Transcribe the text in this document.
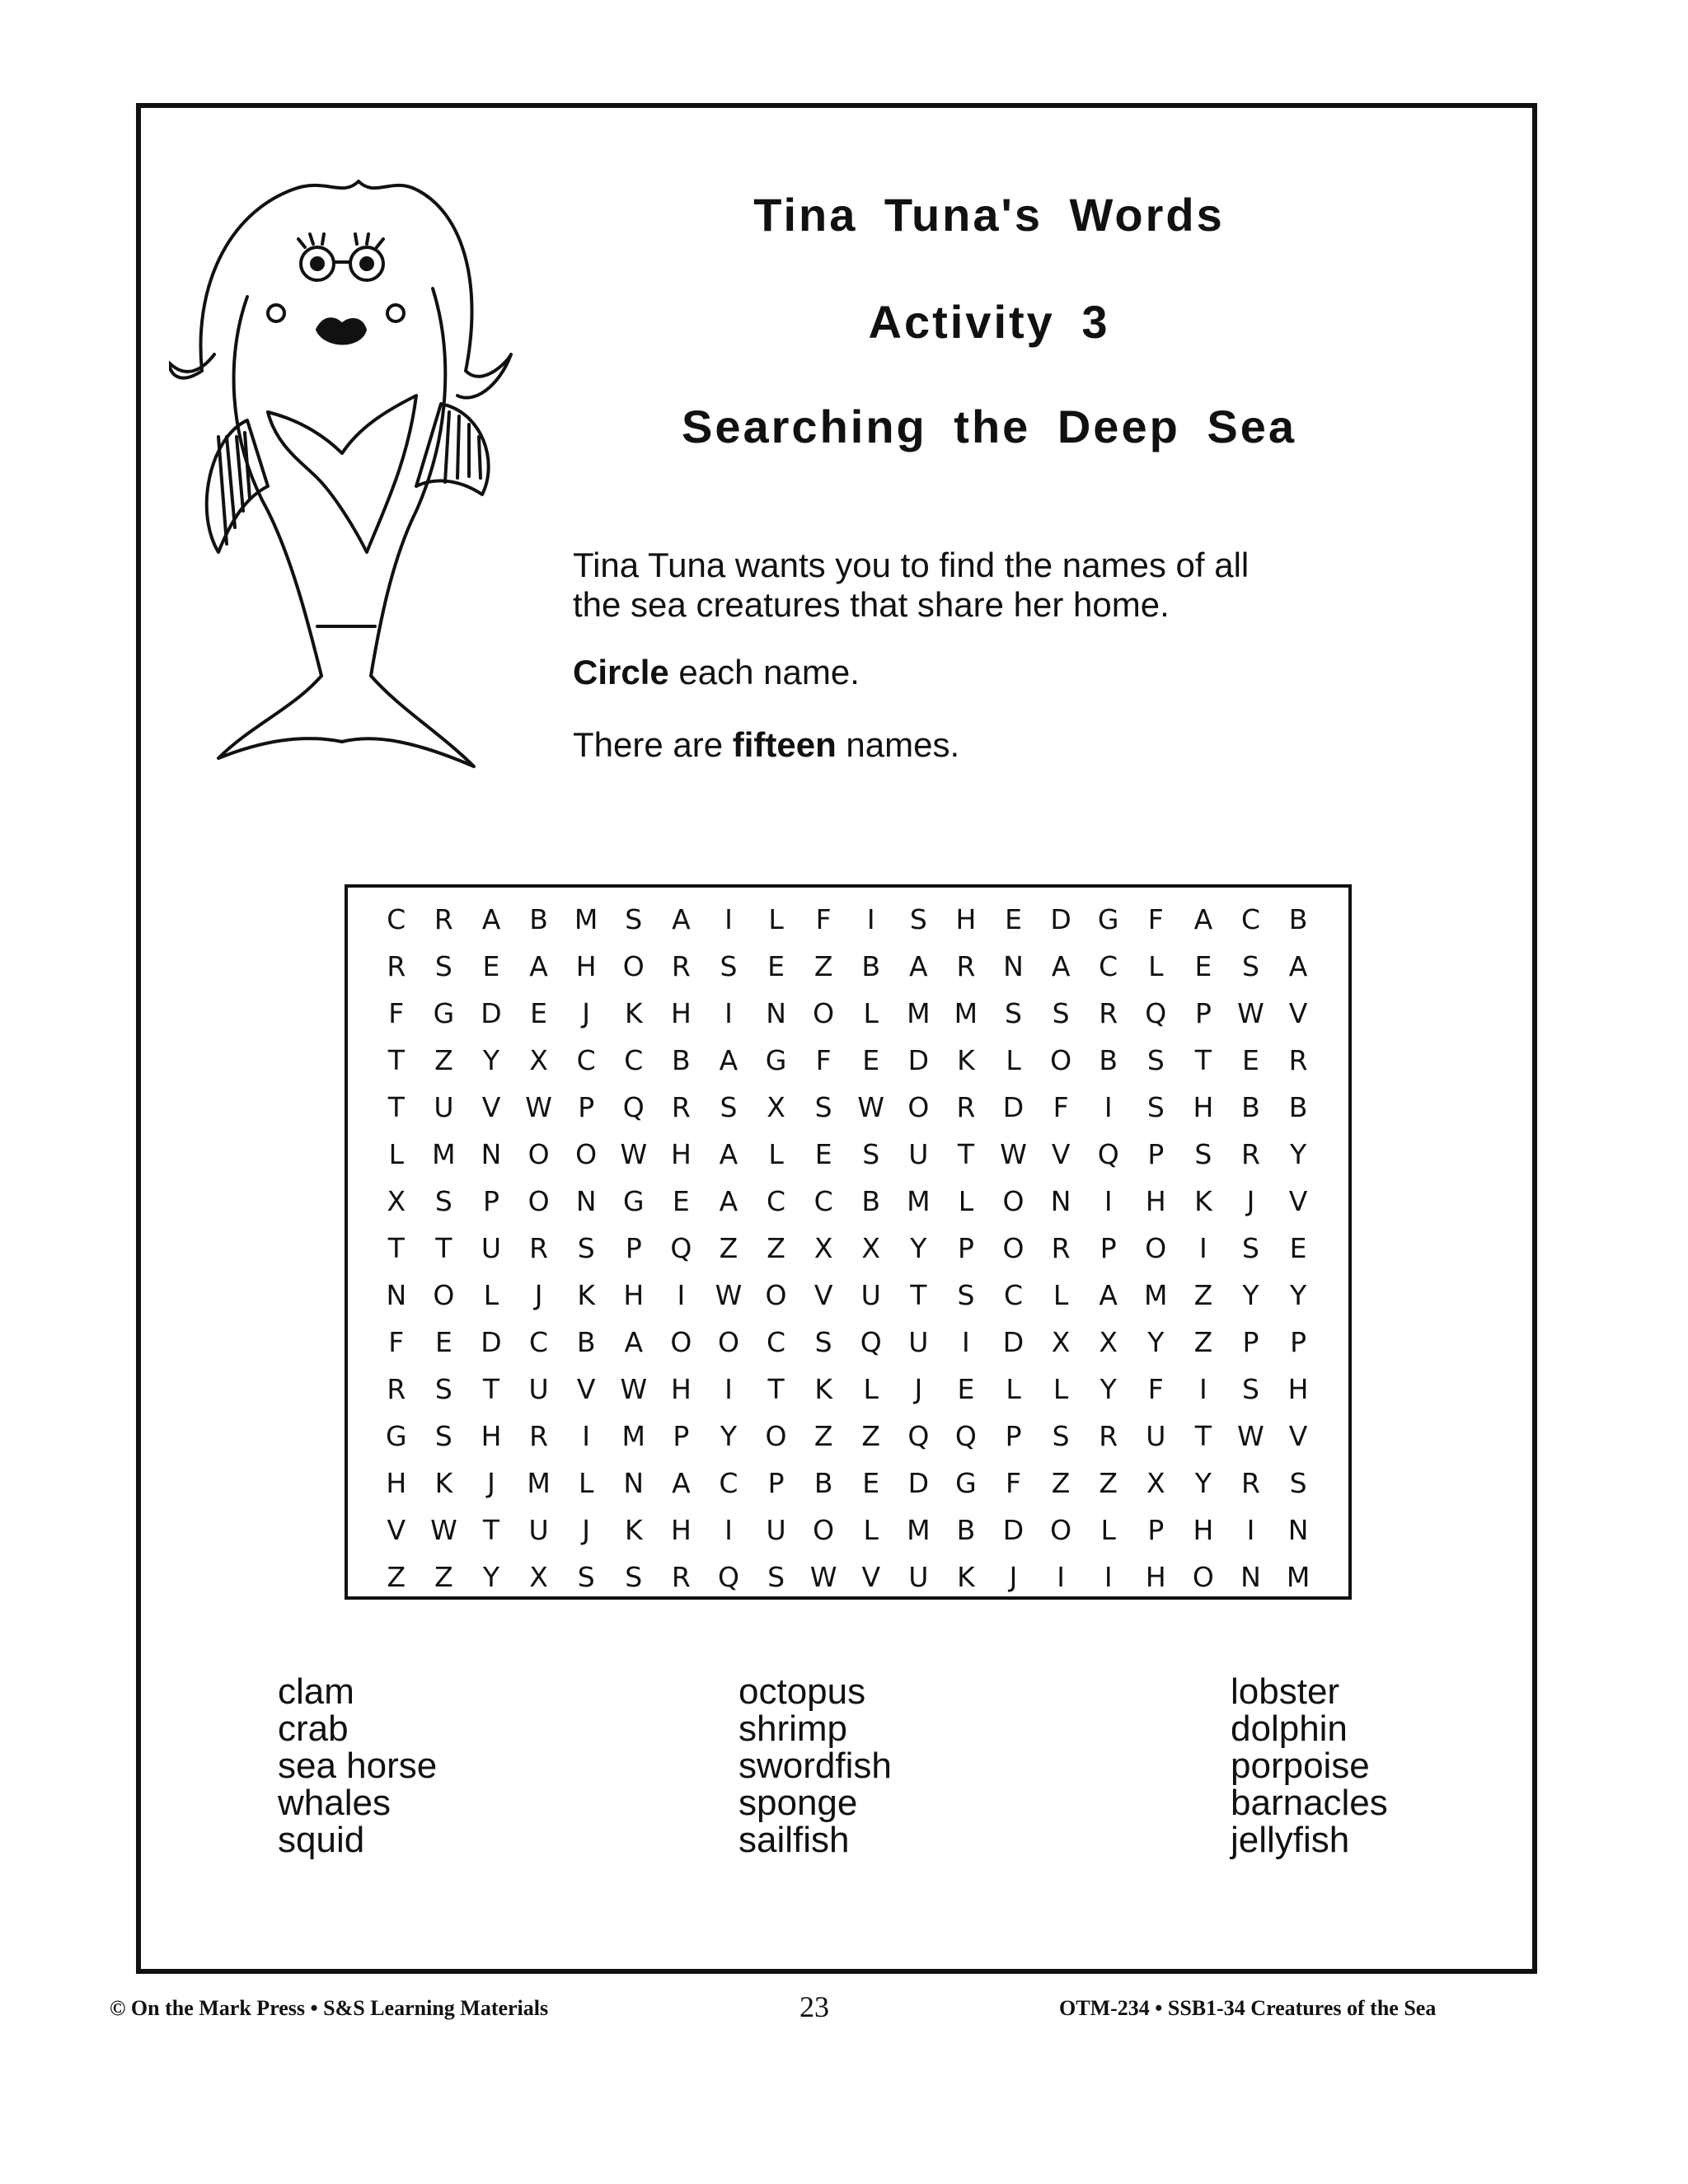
Tina Tuna's Words
Activity 3
Searching the Deep Sea
Tina Tuna wants you to find the names of all
the sea creatures that share her home.
Circle each name.
There are fifteen names.
C	R	A	B M S	A	I	L	F	I	S	H	E	D G	F	A	C	B
R	S	E	A	H O	R	S	E	Z	B	A	R	N	A	C	L	E	S	A
F	G D	E	J	K	H	I	N O	L	M M S	S	R	Q	P W V
T	Z	Y	X	C	C	B	A	G	F	E	D	K	L	O	B	S	T	E	R
T	U	V W P	Q	R	S	X	S W O	R	D	F	I	S	H	B	B
L	M N O O W H	A	L	E	S	U	T W V	Q	P	S	R	Y
X	S	P	O N G	E	A	C	C	B M	L	O N	I	H	K	J	V
T	T	U	R	S	P	Q	Z	Z	X	X	Y	P	O	R	P	O	I	S	E
N O	L	J	K	H	I	W O	V	U	T	S	C	L	A M Z	Y	Y
F	E	D	C	B	A	O O	C	S	Q U	I	D	X	X	Y	Z	P	P
R	S	T	U	V W H	I	T	K	L	J	E	L	L	Y	F	I	S	H
G	S	H	R	I	M	P	Y	O	Z	Z	Q Q	P	S	R	U	T W V
H	K	J	M	L	N	A	C	P	B	E	D G	F	Z	Z	X	Y	R	S
V W T	U	J	K	H	I	U O	L	M B	D O	L	P	H	I	N
Z	Z	Y	X	S	S	R	Q	S W V	U	K	J	I	I	H O N M
clam
crab
sea horse
whales
squid
octopus
shrimp
swordfish
sponge
sailfish
lobster
dolphin
porpoise
barnacles
jellyfish
© On the Mark Press • S&S Learning Materials	23	OTM-234 • SSB1-34 Creatures of the Sea
